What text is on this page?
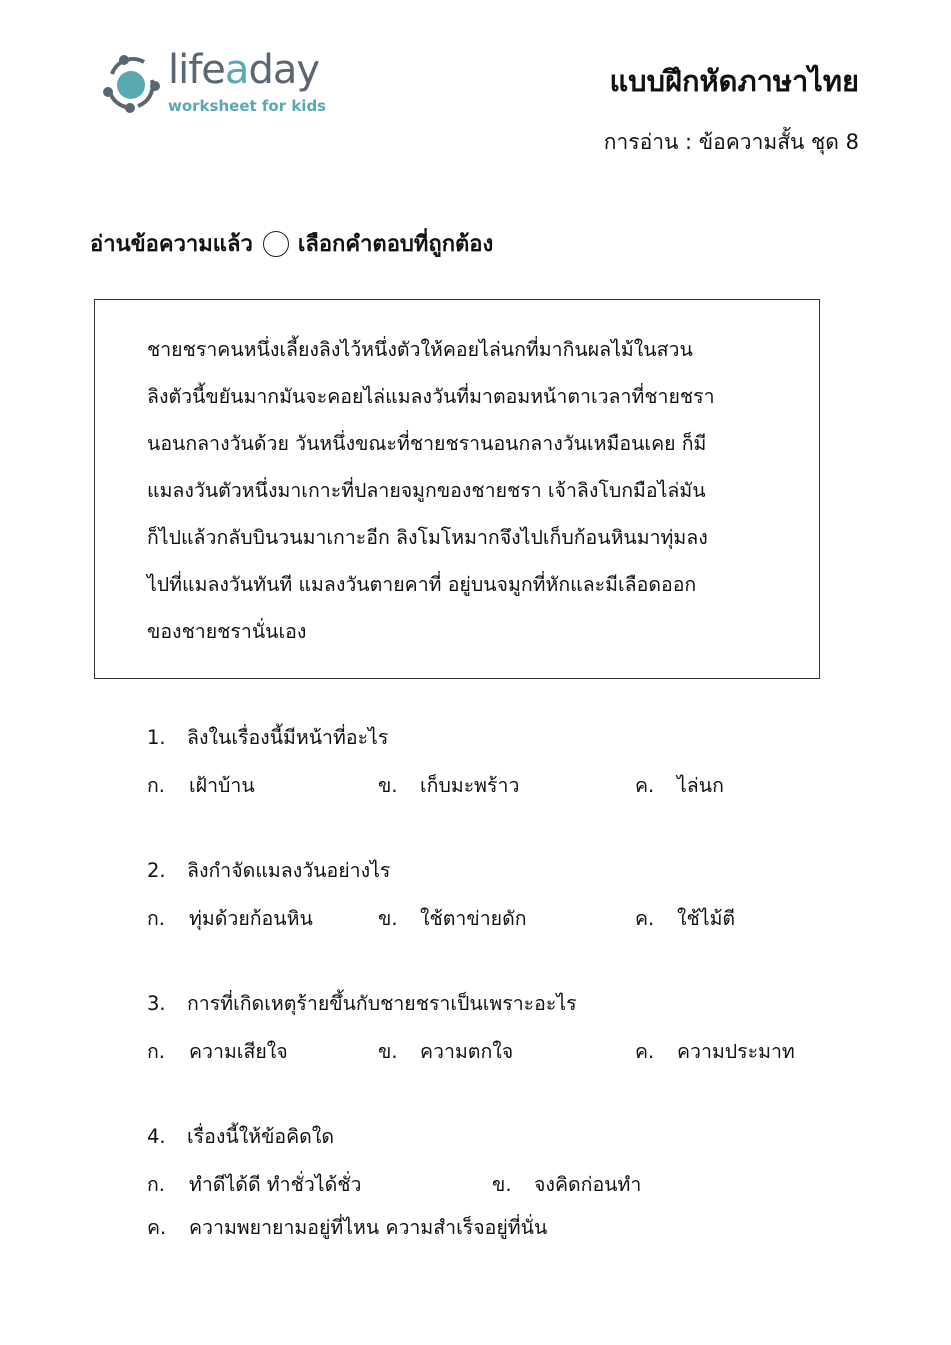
lifeaday
worksheet for kids
แบบฝึกหัดภาษาไทย
การอ่าน : ข้อความสั้น ชุด 8
อ่านข้อความแล้ว เลือกคำตอบที่ถูกต้อง
ชายชราคนหนึ่งเลี้ยงลิงไว้หนึ่งตัวให้คอยไล่นกที่มากินผลไม้ในสวน
ลิงตัวนี้ขยันมากมันจะคอยไล่แมลงวันที่มาตอมหน้าตาเวลาที่ชายชรา
นอนกลางวันด้วย วันหนึ่งขณะที่ชายชรานอนกลางวันเหมือนเคย ก็มี
แมลงวันตัวหนึ่งมาเกาะที่ปลายจมูกของชายชรา เจ้าลิงโบกมือไล่มัน
ก็ไปแล้วกลับบินวนมาเกาะอีก ลิงโมโหมากจึงไปเก็บก้อนหินมาทุ่มลง
ไปที่แมลงวันทันที แมลงวันตายคาที่ อยู่บนจมูกที่หักและมีเลือดออก
ของชายชรานั่นเอง
1. ลิงในเรื่องนี้มีหน้าที่อะไร
ก. เฝ้าบ้าน	ข. เก็บมะพร้าว	ค. ไล่นก
2. ลิงกำจัดแมลงวันอย่างไร
ก. ทุ่มด้วยก้อนหิน	ข. ใช้ตาข่ายดัก	ค. ใช้ไม้ตี
3. การที่เกิดเหตุร้ายขึ้นกับชายชราเป็นเพราะอะไร
ก. ความเสียใจ	ข. ความตกใจ	ค. ความประมาท
4. เรื่องนี้ให้ข้อคิดใด
ก. ทำดีได้ดี ทำชั่วได้ชั่ว	ข. จงคิดก่อนทำ
ค. ความพยายามอยู่ที่ไหน ความสำเร็จอยู่ที่นั่น
